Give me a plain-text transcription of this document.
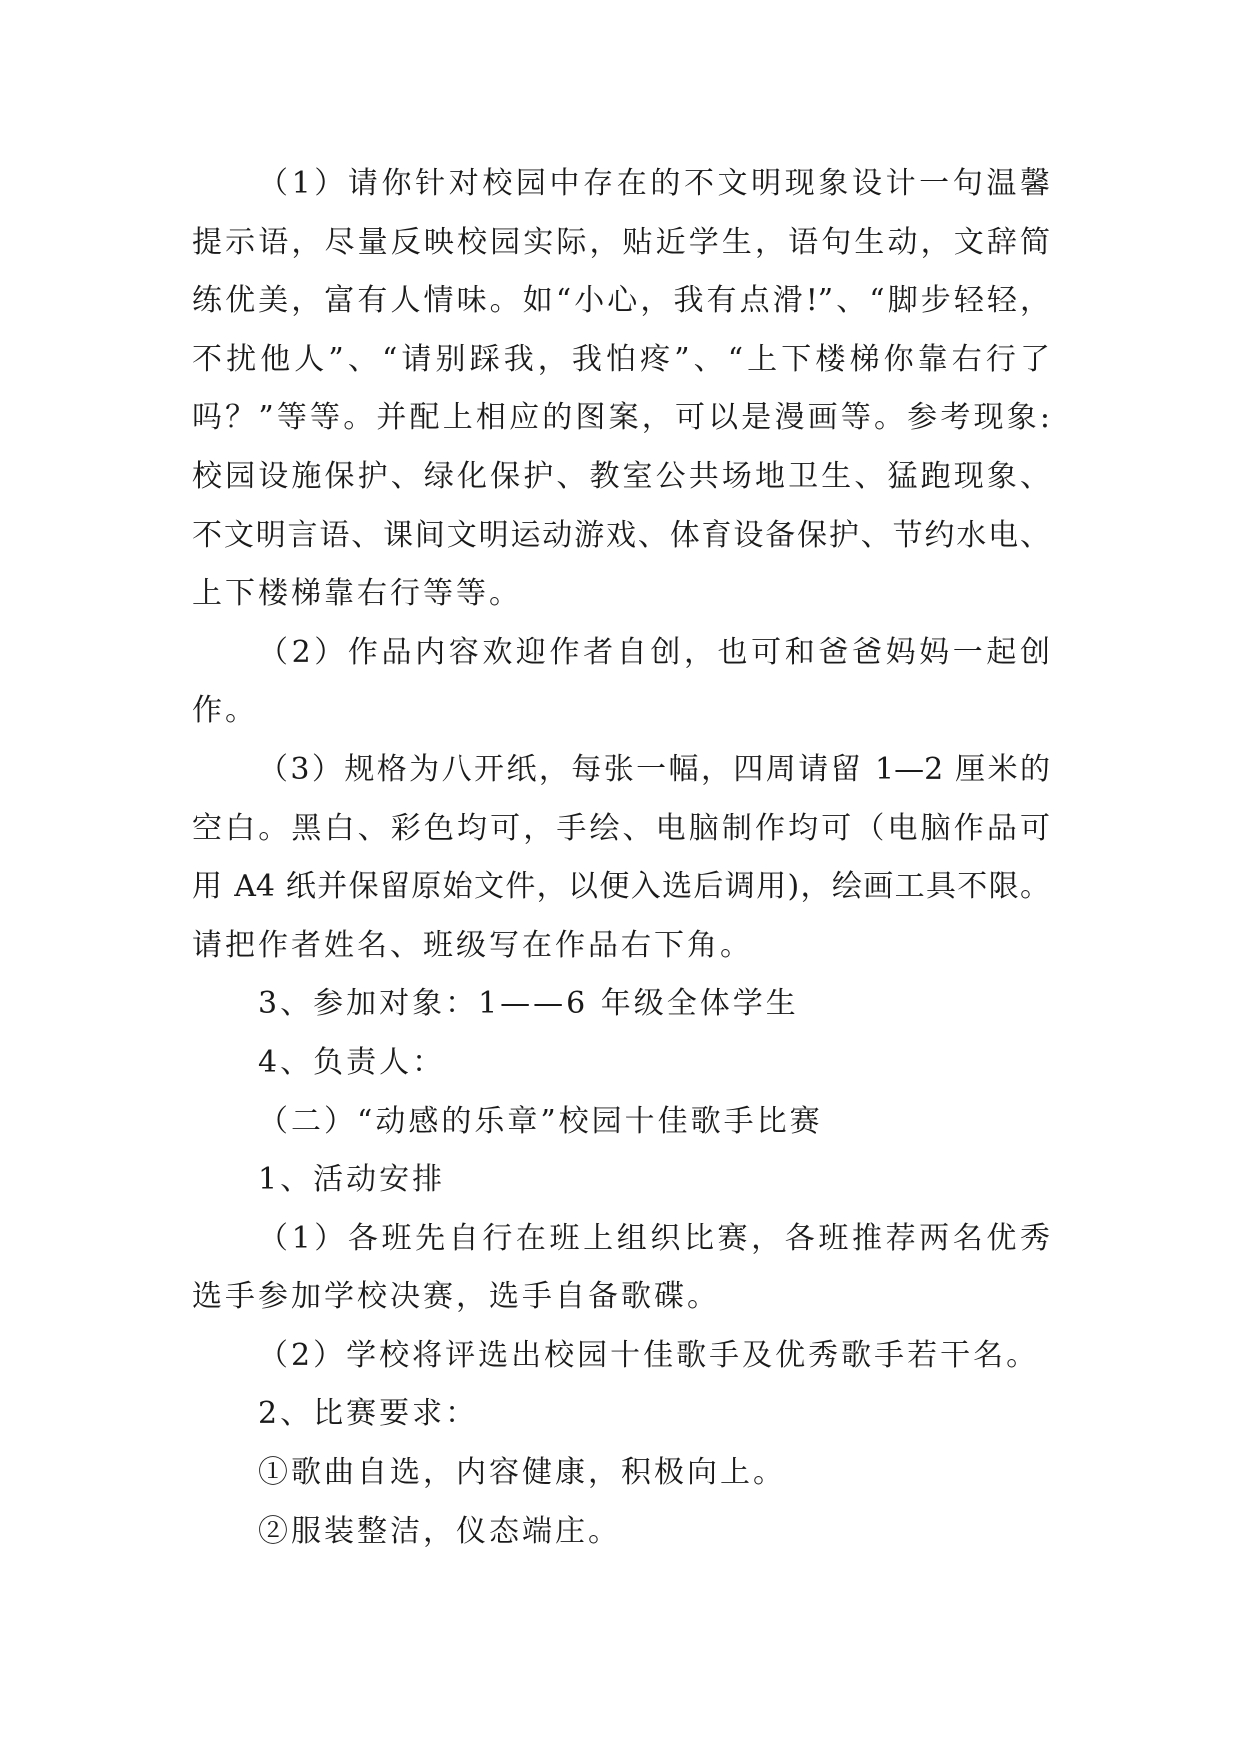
（1）请你针对校园中存在的不文明现象设计一句温馨
提示语，尽量反映校园实际，贴近学生，语句生动，文辞简
练优美，富有人情味。如“小心，我有点滑!”、“脚步轻轻，
不扰他人”、“请别踩我，我怕疼”、“上下楼梯你靠右行了
吗？”等等。并配上相应的图案，可以是漫画等。参考现象:
校园设施保护、绿化保护、教室公共场地卫生、猛跑现象、
不文明言语、课间文明运动游戏、体育设备保护、节约水电、
上下楼梯靠右行等等。
（2）作品内容欢迎作者自创，也可和爸爸妈妈一起创
作。
（3）规格为八开纸，每张一幅，四周请留 1—2 厘米的
空白。黑白、彩色均可，手绘、电脑制作均可（电脑作品可
用 A4 纸并保留原始文件，以便入选后调用)，绘画工具不限。
请把作者姓名、班级写在作品右下角。
3、参加对象：1——6 年级全体学生
4、负责人：
（二）“动感的乐章”校园十佳歌手比赛
1、活动安排
（1）各班先自行在班上组织比赛，各班推荐两名优秀
选手参加学校决赛，选手自备歌碟。
（2）学校将评选出校园十佳歌手及优秀歌手若干名。
2、比赛要求：
①歌曲自选，内容健康，积极向上。
②服装整洁，仪态端庄。
